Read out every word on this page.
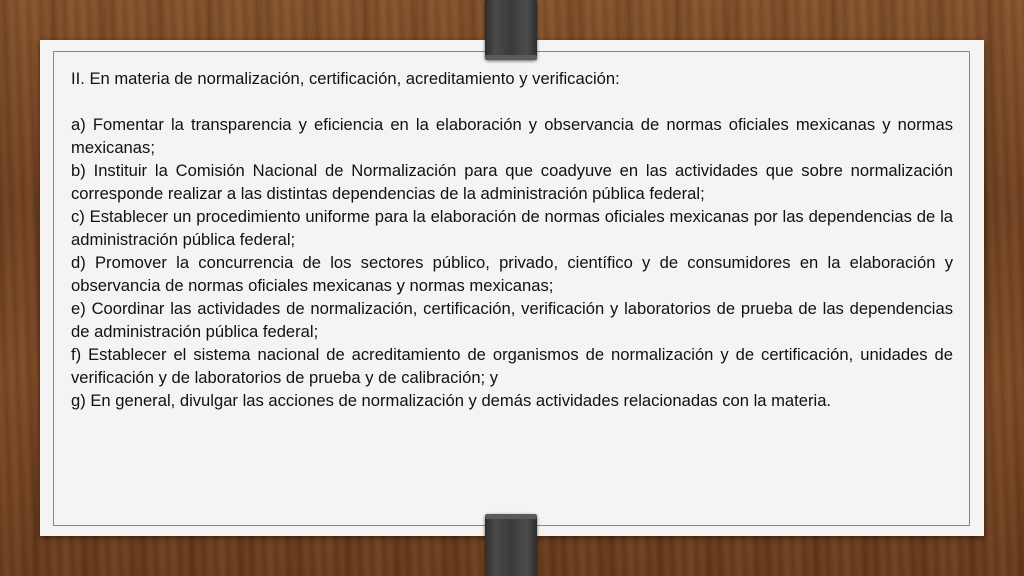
II. En materia de normalización, certificación, acreditamiento y verificación:

a) Fomentar la transparencia y eficiencia en la elaboración y observancia de normas oficiales mexicanas y normas mexicanas;

b) Instituir la Comisión Nacional de Normalización para que coadyuve en las actividades que sobre normalización corresponde realizar a las distintas dependencias de la administración pública federal;

c) Establecer un procedimiento uniforme para la elaboración de normas oficiales mexicanas por las dependencias de la administración pública federal;

d) Promover la concurrencia de los sectores público, privado, científico y de consumidores en la elaboración y observancia de normas oficiales mexicanas y normas mexicanas;

e) Coordinar las actividades de normalización, certificación, verificación y laboratorios de prueba de las dependencias de administración pública federal;

f) Establecer el sistema nacional de acreditamiento de organismos de normalización y de certificación, unidades de verificación y de laboratorios de prueba y de calibración; y

g) En general, divulgar las acciones de normalización y demás actividades relacionadas con la materia.
